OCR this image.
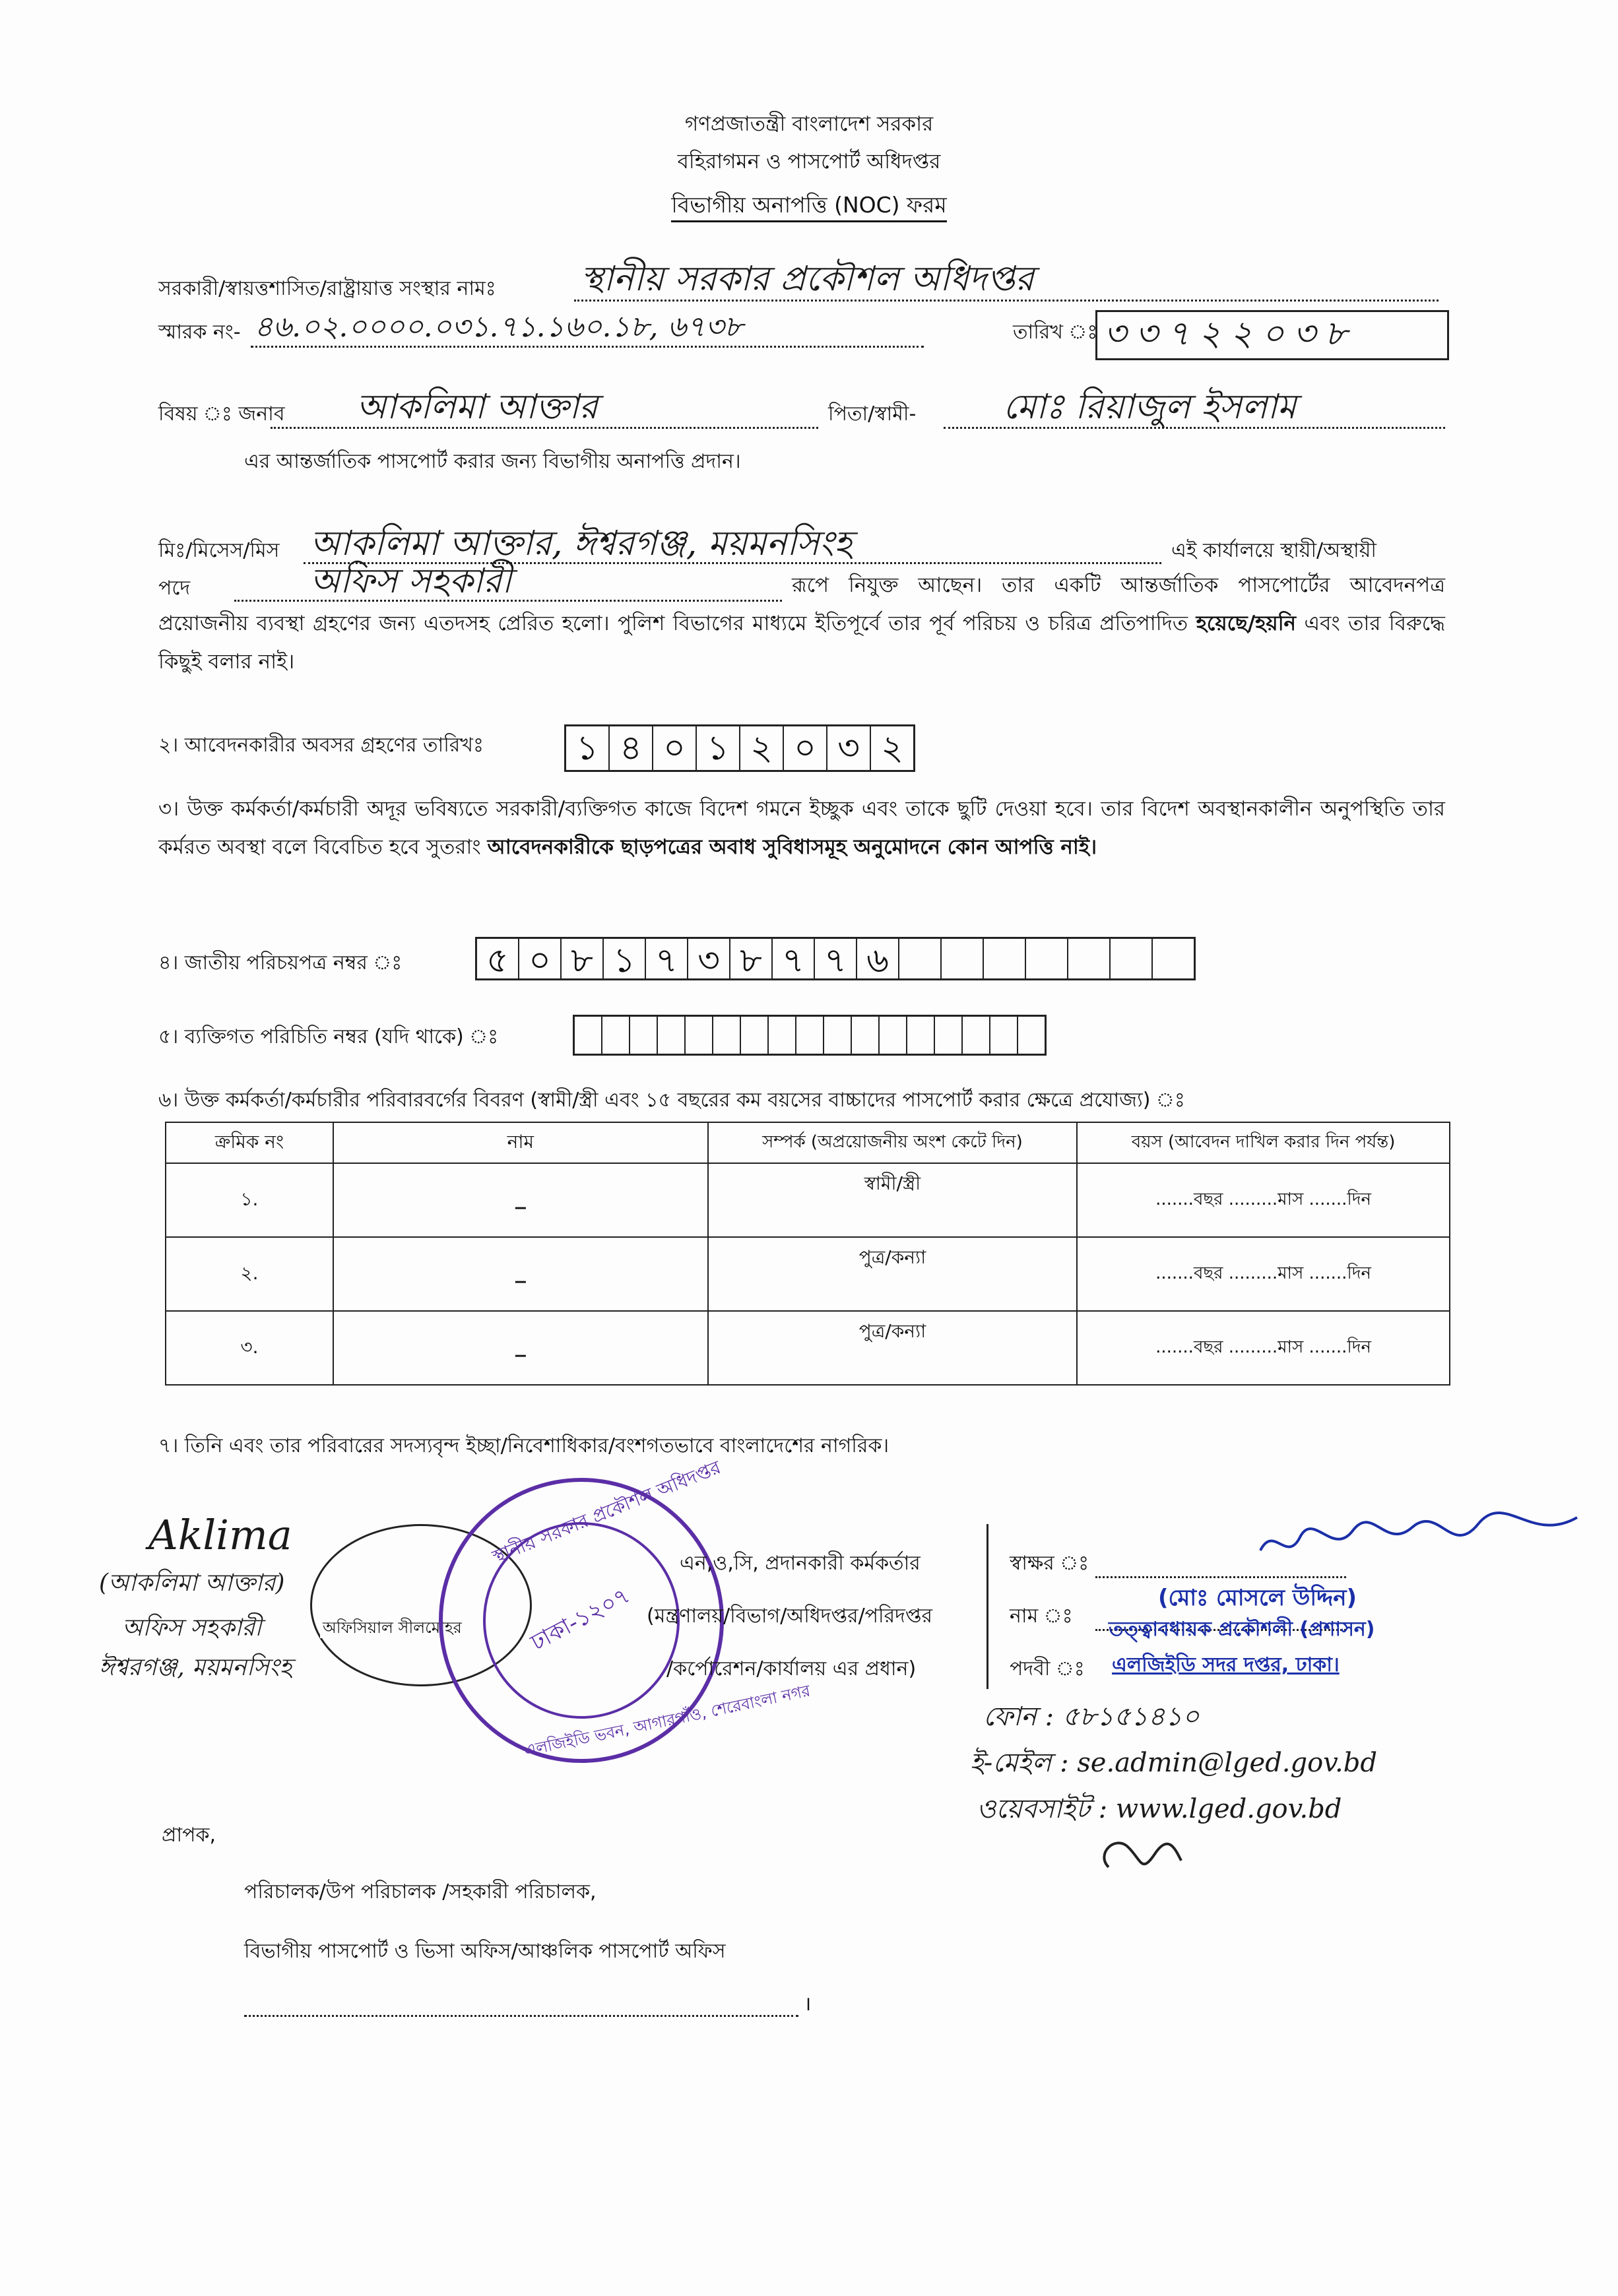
গণপ্রজাতন্ত্রী বাংলাদেশ সরকার
বহিরাগমন ও পাসপোর্ট অধিদপ্তর
বিভাগীয় অনাপত্তি (NOC) ফরম
সরকারী/স্বায়ত্তশাসিত/রাষ্ট্রায়াত্ত সংস্থার নামঃ স্থানীয় সরকার প্রকৌশল অধিদপ্তর
স্মারক নং- ৪৬.০২.০০০০.০৩১.৭১.১৬০.১৮, ৬৭৩৮	তারিখ ঃ ৩৩৭২২০৩৮
বিষয় ঃ জনাব আকলিমা আক্তার	পিতা/স্বামী-	মোঃ রিয়াজুল ইসলাম
এর আন্তর্জাতিক পাসপোর্ট করার জন্য বিভাগীয় অনাপত্তি প্রদান।
মিঃ/মিসেস/মিস আকলিমা আক্তার, ঈশ্বরগঞ্জ, ময়মনসিংহ	এই কার্যালয়ে স্থায়ী/অস্থায়ী
পদে	অফিস সহকারী	রূপে নিযুক্ত আছেন। তার একটি আন্তর্জাতিক পাসপোর্টের আবেদনপত্র প্রয়োজনীয় ব্যবস্থা গ্রহণের জন্য এতদসহ প্রেরিত হলো। পুলিশ বিভাগের মাধ্যমে ইতিপূর্বে তার পূর্ব পরিচয় ও চরিত্র প্রতিপাদিত হয়েছে/হয়নি এবং তার বিরুদ্ধে কিছুই বলার নাই।
২। আবেদনকারীর অবসর গ্রহণের তারিখঃ	১ ৪ ০ ১ ২ ০ ৩ ২
৩। উক্ত কর্মকর্তা/কর্মচারী অদূর ভবিষ্যতে সরকারী/ব্যক্তিগত কাজে বিদেশ গমনে ইচ্ছুক এবং তাকে ছুটি দেওয়া হবে। তার বিদেশ অবস্থানকালীন অনুপস্থিতি তার কর্মরত অবস্থা বলে বিবেচিত হবে সুতরাং আবেদনকারীকে ছাড়পত্রের অবাধ সুবিধাসমূহ অনুমোদনে কোন আপত্তি নাই।
৪। জাতীয় পরিচয়পত্র নম্বর ঃ ৫ ০ ৮ ১ ৭ ৩ ৮ ৭ ৭ ৬
৫। ব্যক্তিগত পরিচিতি নম্বর (যদি থাকে) ঃ
৬। উক্ত কর্মকর্তা/কর্মচারীর পরিবারবর্গের বিবরণ (স্বামী/স্ত্রী এবং ১৫ বছরের কম বয়সের বাচ্চাদের পাসপোর্ট করার ক্ষেত্রে প্রযোজ্য) ঃ
ক্রমিক নং	নাম	সম্পর্ক (অপ্রয়োজনীয় অংশ কেটে দিন)	বয়স (আবেদন দাখিল করার দিন পর্যন্ত)
১.	–	স্বামী/স্ত্রী	.......বছর .........মাস .......দিন
২.	–	পুত্র/কন্যা	.......বছর .........মাস .......দিন
৩.	–	পুত্র/কন্যা	.......বছর .........মাস .......দিন
৭। তিনি এবং তার পরিবারের সদস্যবৃন্দ ইচ্ছা/নিবেশাধিকার/বংশগতভাবে বাংলাদেশের নাগরিক।
Aklima
(আকলিমা আক্তার)
অফিস সহকারী
ঈশ্বরগঞ্জ, ময়মনসিংহ
অফিসিয়াল সীলমোহর	ঢাকা-১২০৭
স্থানীয় সরকার প্রকৌশল অধিদপ্তর
এলজিইডি ভবন, আগারগাঁও, শেরেবাংলা নগর
এন,ও,সি, প্রদানকারী কর্মকর্তার
(মন্ত্রণালয়/বিভাগ/অধিদপ্তর/পরিদপ্তর
/কর্পোরেশন/কার্যালয় এর প্রধান)
স্বাক্ষর ঃ
নাম ঃ
(মোঃ মোসলে উদ্দিন)
তত্ত্বাবধায়ক প্রকৌশলী (প্রশাসন)
পদবী ঃ এলজিইডি সদর দপ্তর, ঢাকা।
ফোন : ৫৮১৫১৪১০
ই-মেইল : se.admin@lged.gov.bd
ওয়েবসাইট : www.lged.gov.bd
প্রাপক,
পরিচালক/উপ পরিচালক /সহকারী পরিচালক,
বিভাগীয় পাসপোর্ট ও ভিসা অফিস/আঞ্চলিক পাসপোর্ট অফিস
।
